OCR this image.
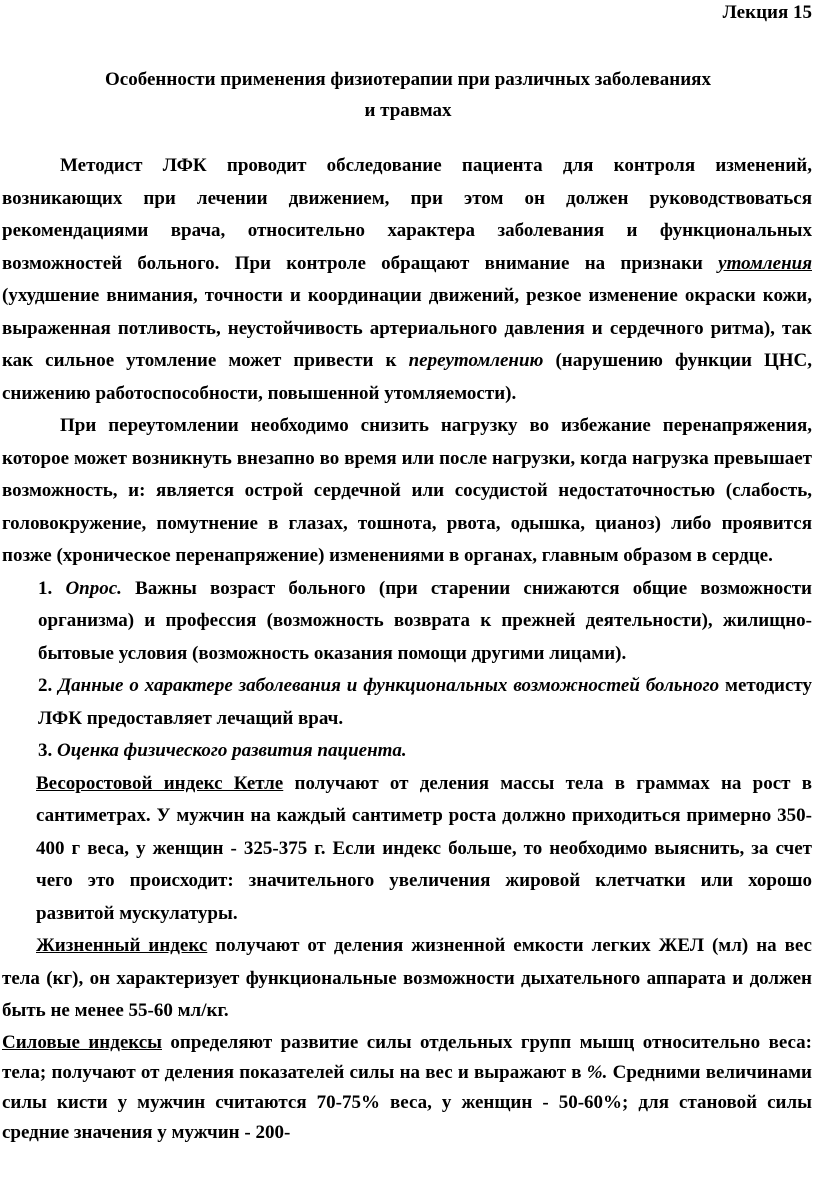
Лекция 15
Особенности применения физиотерапии при различных заболеваниях
и травмах

Методист ЛФК проводит обследование пациента для контроля изменений, возникающих при лечении движением, при этом он должен руководствоваться рекомендациями врача, относительно характера заболевания и функциональных возможностей больного. При контроле обращают внимание на признаки утомления (ухудшение внимания, точности и координации движений, резкое изменение окраски кожи, выраженная потливость, неустойчивость артериального давления и сердечного ритма), так как сильное утомление может привести к переутомлению (нарушению функции ЦНС, снижению работоспособности, повышенной утомляемости).

При переутомлении необходимо снизить нагрузку во избежание перенапряжения, которое может возникнуть внезапно во время или после нагрузки, когда нагрузка превышает возможность, и: является острой сердечной или сосудистой недостаточностью (слабость, головокружение, помутнение в глазах, тошнота, рвота, одышка, цианоз) либо проявится позже (хроническое перенапряжение) изменениями в органах, главным образом в сердце.

1. Опрос. Важны возраст больного (при старении снижаются общие возможности организма) и профессия (возможность возврата к прежней деятельности), жилищно-бытовые условия (возможность оказания помощи другими лицами).

2. Данные о характере заболевания и функциональных возможностей больного методисту ЛФК предоставляет лечащий врач.

3. Оценка физического развития пациента.

Весоростовой индекс Кетле получают от деления массы тела в граммах на рост в сантиметрах. У мужчин на каждый сантиметр роста должно приходиться примерно 350-400 г веса, у женщин - 325-375 г. Если индекс больше, то необходимо выяснить, за счет чего это происходит: значительного увеличения жировой клетчатки или хорошо развитой мускулатуры.

Жизненный индекс получают от деления жизненной емкости легких ЖЕЛ (мл) на вес тела (кг), он характеризует функциональные возможности дыхательного аппарата и должен быть не менее 55-60 мл/кг.

Силовые индексы определяют развитие силы отдельных групп мышц относительно веса: тела; получают от деления показателей силы на вес и выражают в %. Средними величинами силы кисти у мужчин считаются 70-75% веса, у женщин - 50-60%; для становой силы средние значения у мужчин - 200-
